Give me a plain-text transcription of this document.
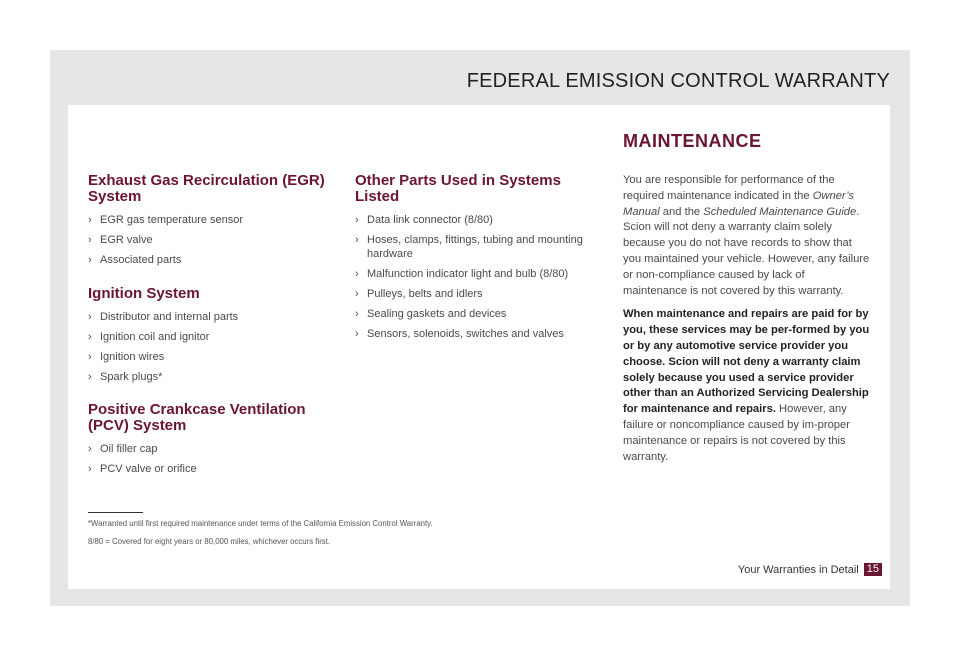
FEDERAL EMISSION CONTROL WARRANTY
Exhaust Gas Recirculation (EGR) System
› EGR gas temperature sensor
› EGR valve
› Associated parts
Ignition System
› Distributor and internal parts
› Ignition coil and ignitor
› Ignition wires
› Spark plugs*
Positive Crankcase Ventilation (PCV) System
› Oil filler cap
› PCV valve or orifice
Other Parts Used in Systems Listed
› Data link connector (8/80)
› Hoses, clamps, fittings, tubing and mounting hardware
› Malfunction indicator light and bulb (8/80)
› Pulleys, belts and idlers
› Sealing gaskets and devices
› Sensors, solenoids, switches and valves
MAINTENANCE
You are responsible for performance of the required maintenance indicated in the Owner’s Manual and the Scheduled Maintenance Guide. Scion will not deny a warranty claim solely because you do not have records to show that you maintained your vehicle. However, any failure or non-compliance caused by lack of maintenance is not covered by this warranty.
When maintenance and repairs are paid for by you, these services may be per-formed by you or by any automotive service provider you choose. Scion will not deny a warranty claim solely because you used a service provider other than an Authorized Servicing Dealership for maintenance and repairs. However, any failure or noncompliance caused by im-proper maintenance or repairs is not covered by this warranty.
*Warranted until first required maintenance under terms of the California Emission Control Warranty.
8/80 = Covered for eight years or 80,000 miles, whichever occurs first.
Your Warranties in Detail 15
